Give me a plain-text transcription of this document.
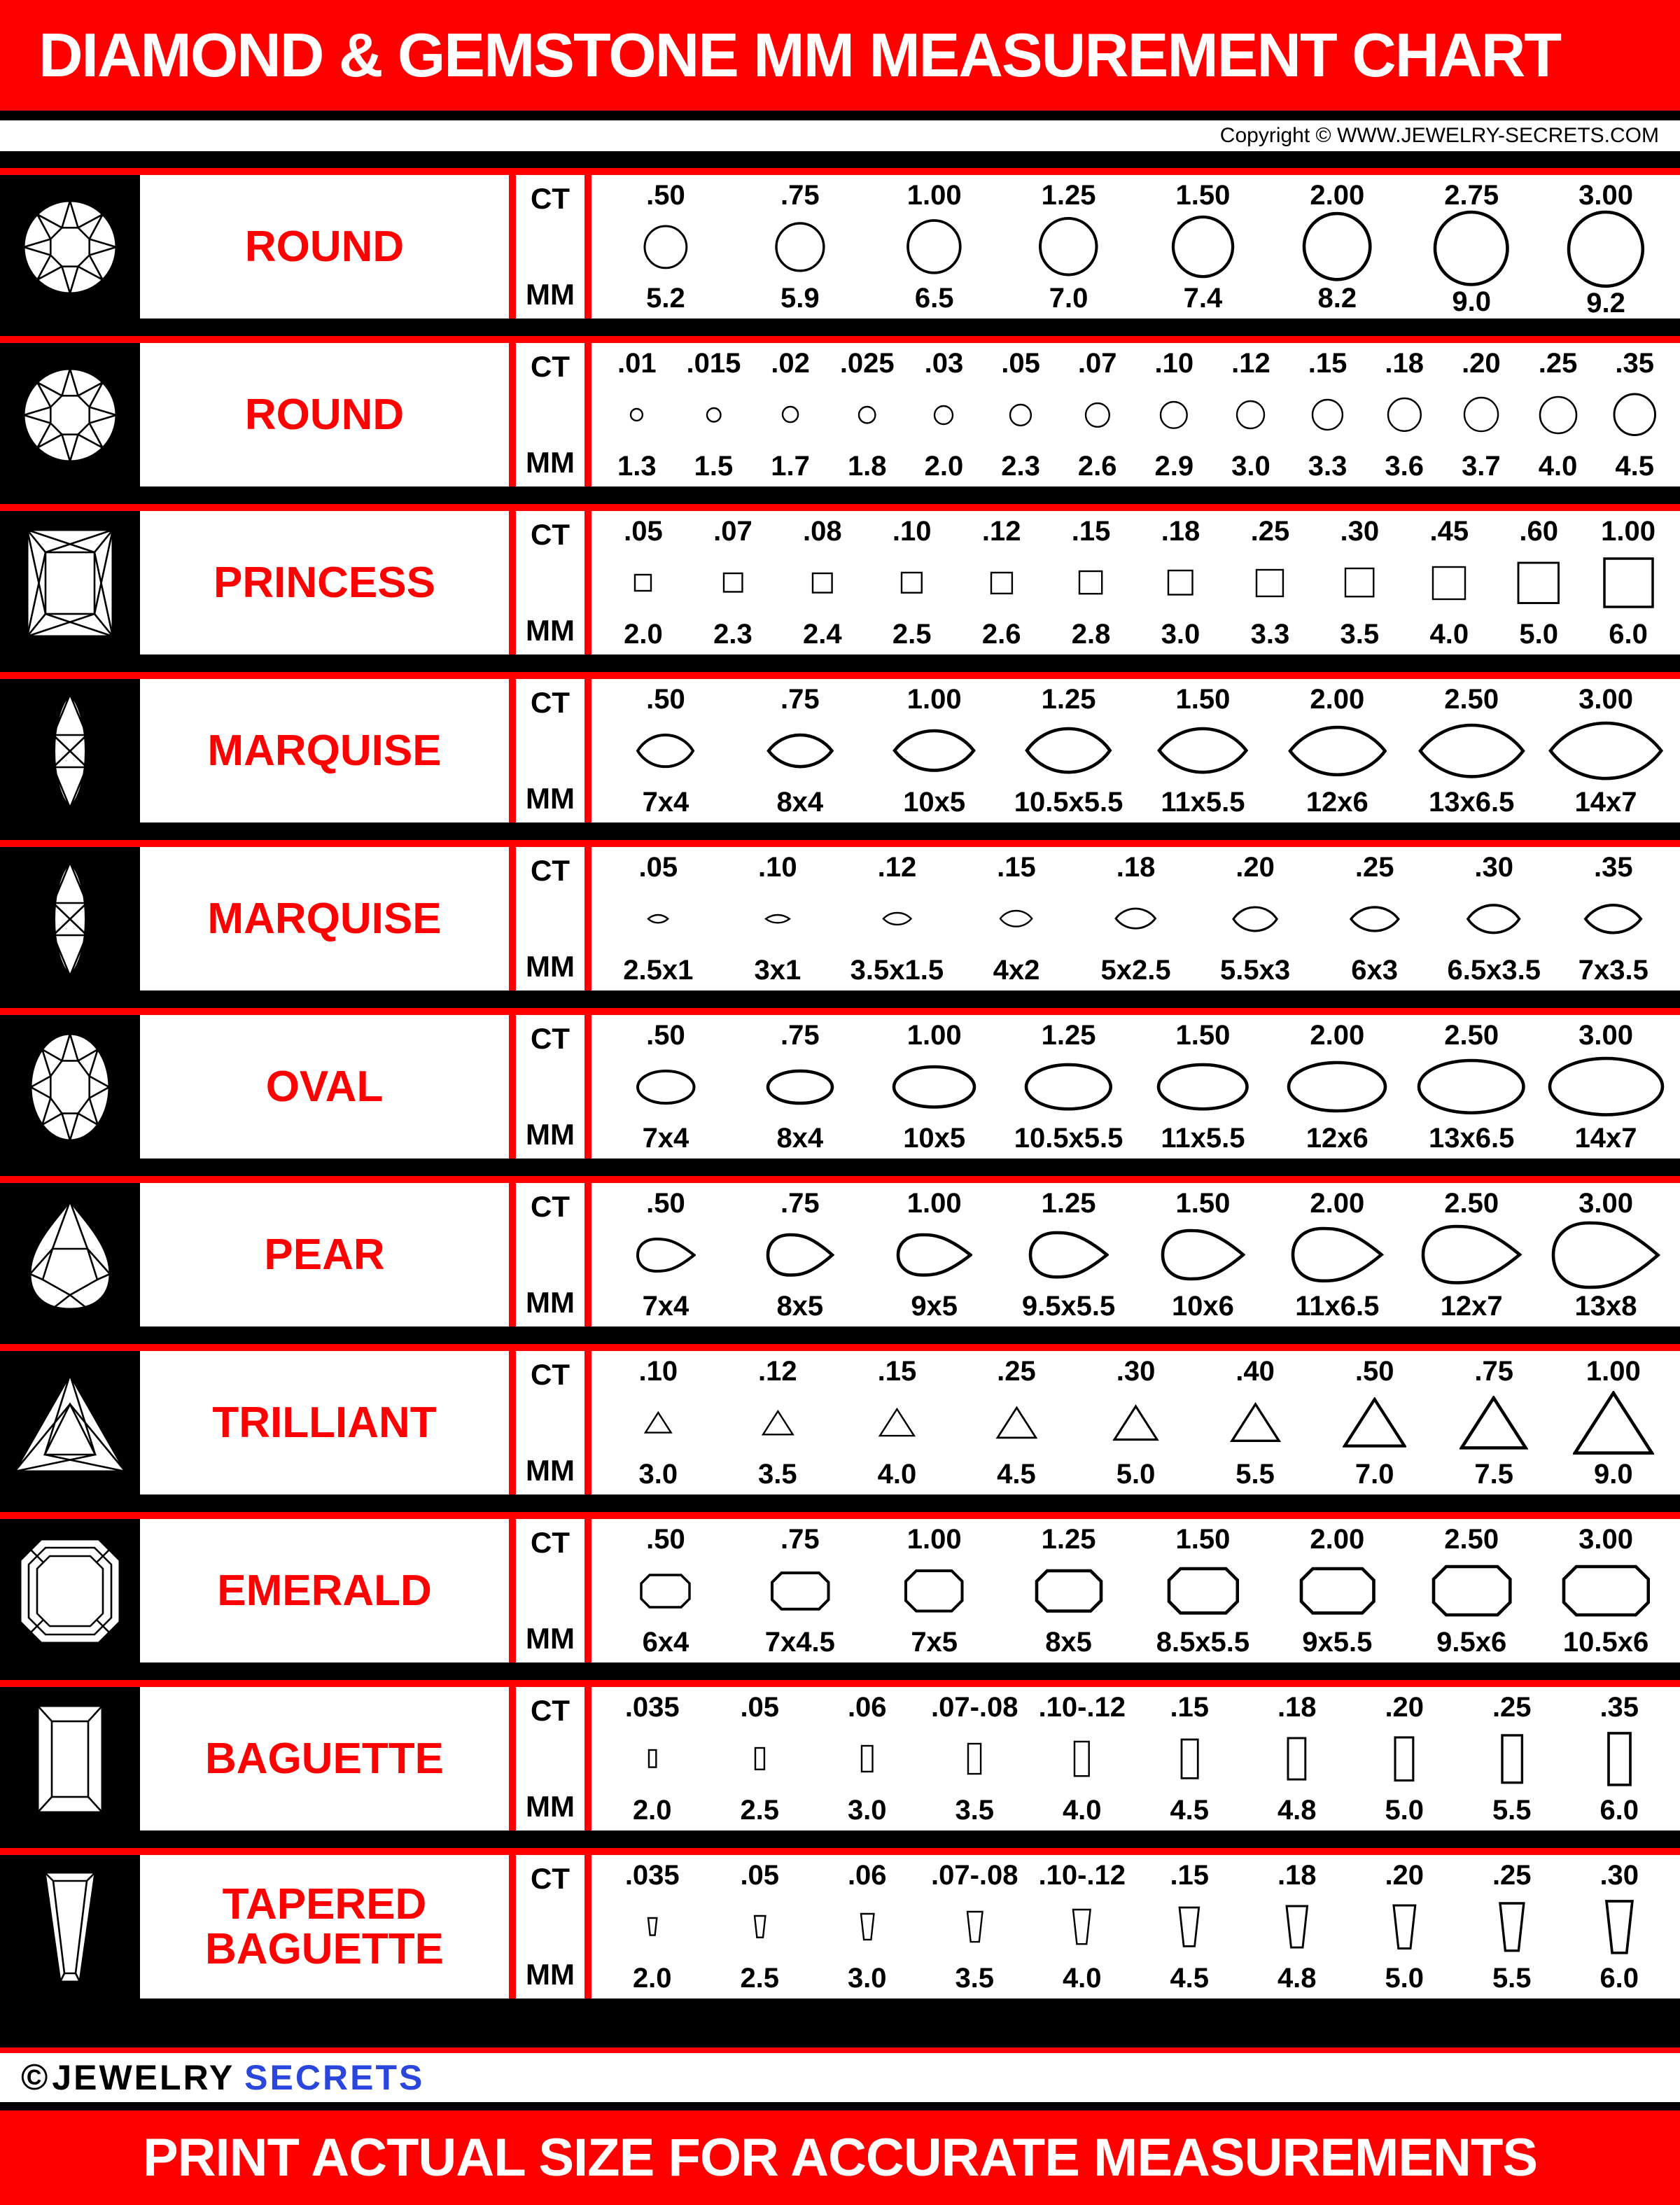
DIAMOND & GEMSTONE MM MEASUREMENT CHART
Copyright © WWW.JEWELRY-SECRETS.COM
ROUND
CT
MM
.50
5.2
.75
5.9
1.00
6.5
1.25
7.0
1.50
7.4
2.00
8.2
2.75
9.0
3.00
9.2
ROUND
CT
MM
.01
1.3
.015
1.5
.02
1.7
.025
1.8
.03
2.0
.05
2.3
.07
2.6
.10
2.9
.12
3.0
.15
3.3
.18
3.6
.20
3.7
.25
4.0
.35
4.5
PRINCESS
CT
MM
.05
2.0
.07
2.3
.08
2.4
.10
2.5
.12
2.6
.15
2.8
.18
3.0
.25
3.3
.30
3.5
.45
4.0
.60
5.0
1.00
6.0
MARQUISE
CT
MM
.50
7x4
.75
8x4
1.00
10x5
1.25
10.5x5.5
1.50
11x5.5
2.00
12x6
2.50
13x6.5
3.00
14x7
MARQUISE
CT
MM
.05
2.5x1
.10
3x1
.12
3.5x1.5
.15
4x2
.18
5x2.5
.20
5.5x3
.25
6x3
.30
6.5x3.5
.35
7x3.5
OVAL
CT
MM
.50
7x4
.75
8x4
1.00
10x5
1.25
10.5x5.5
1.50
11x5.5
2.00
12x6
2.50
13x6.5
3.00
14x7
PEAR
CT
MM
.50
7x4
.75
8x5
1.00
9x5
1.25
9.5x5.5
1.50
10x6
2.00
11x6.5
2.50
12x7
3.00
13x8
TRILLIANT
CT
MM
.10
3.0
.12
3.5
.15
4.0
.25
4.5
.30
5.0
.40
5.5
.50
7.0
.75
7.5
1.00
9.0
EMERALD
CT
MM
.50
6x4
.75
7x4.5
1.00
7x5
1.25
8x5
1.50
8.5x5.5
2.00
9x5.5
2.50
9.5x6
3.00
10.5x6
BAGUETTE
CT
MM
.035
2.0
.05
2.5
.06
3.0
.07-.08
3.5
.10-.12
4.0
.15
4.5
.18
4.8
.20
5.0
.25
5.5
.35
6.0
TAPERED BAGUETTE
CT
MM
.035
2.0
.05
2.5
.06
3.0
.07-.08
3.5
.10-.12
4.0
.15
4.5
.18
4.8
.20
5.0
.25
5.5
.30
6.0
© JEWELRY SECRETS
PRINT ACTUAL SIZE FOR ACCURATE MEASUREMENTS
